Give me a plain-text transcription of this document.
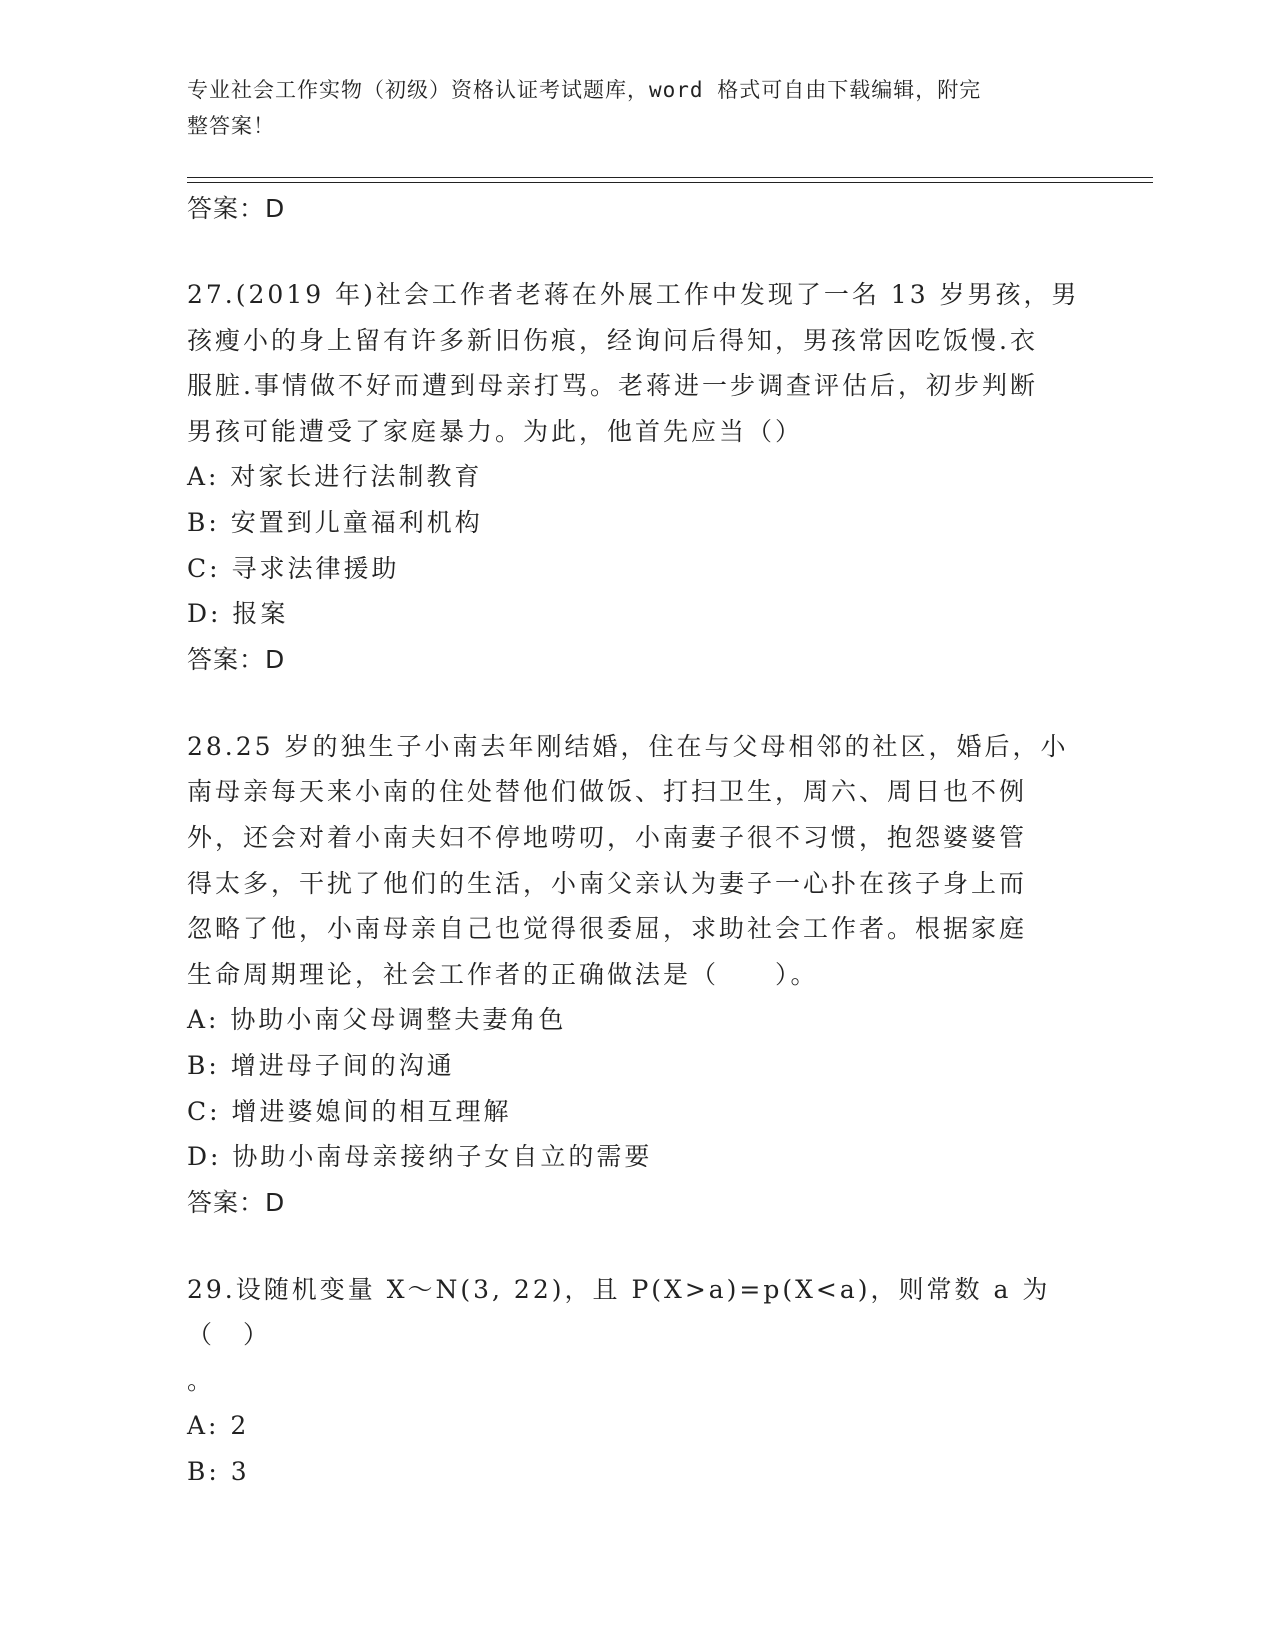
专业社会工作实物（初级）资格认证考试题库，word 格式可自由下载编辑，附完
整答案！
答案：D

27.(2019 年)社会工作者老蒋在外展工作中发现了一名 13 岁男孩，男

孩瘦小的身上留有许多新旧伤痕，经询问后得知，男孩常因吃饭慢.衣

服脏.事情做不好而遭到母亲打骂。老蒋进一步调查评估后，初步判断

男孩可能遭受了家庭暴力。为此，他首先应当（）

A: 对家长进行法制教育

B: 安置到儿童福利机构

C: 寻求法律援助

D: 报案

答案：D

28.25 岁的独生子小南去年刚结婚，住在与父母相邻的社区，婚后，小

南母亲每天来小南的住处替他们做饭、打扫卫生，周六、周日也不例

外，还会对着小南夫妇不停地唠叨，小南妻子很不习惯，抱怨婆婆管

得太多，干扰了他们的生活，小南父亲认为妻子一心扑在孩子身上而

忽略了他，小南母亲自己也觉得很委屈，求助社会工作者。根据家庭

生命周期理论，社会工作者的正确做法是（　　）。

A: 协助小南父母调整夫妻角色

B: 增进母子间的沟通

C: 增进婆媳间的相互理解

D: 协助小南母亲接纳子女自立的需要

答案：D

29.设随机变量 X～N(3, 22)，且 P(X>a)=p(X<a)，则常数 a 为（　）

。

A: 2

B: 3
